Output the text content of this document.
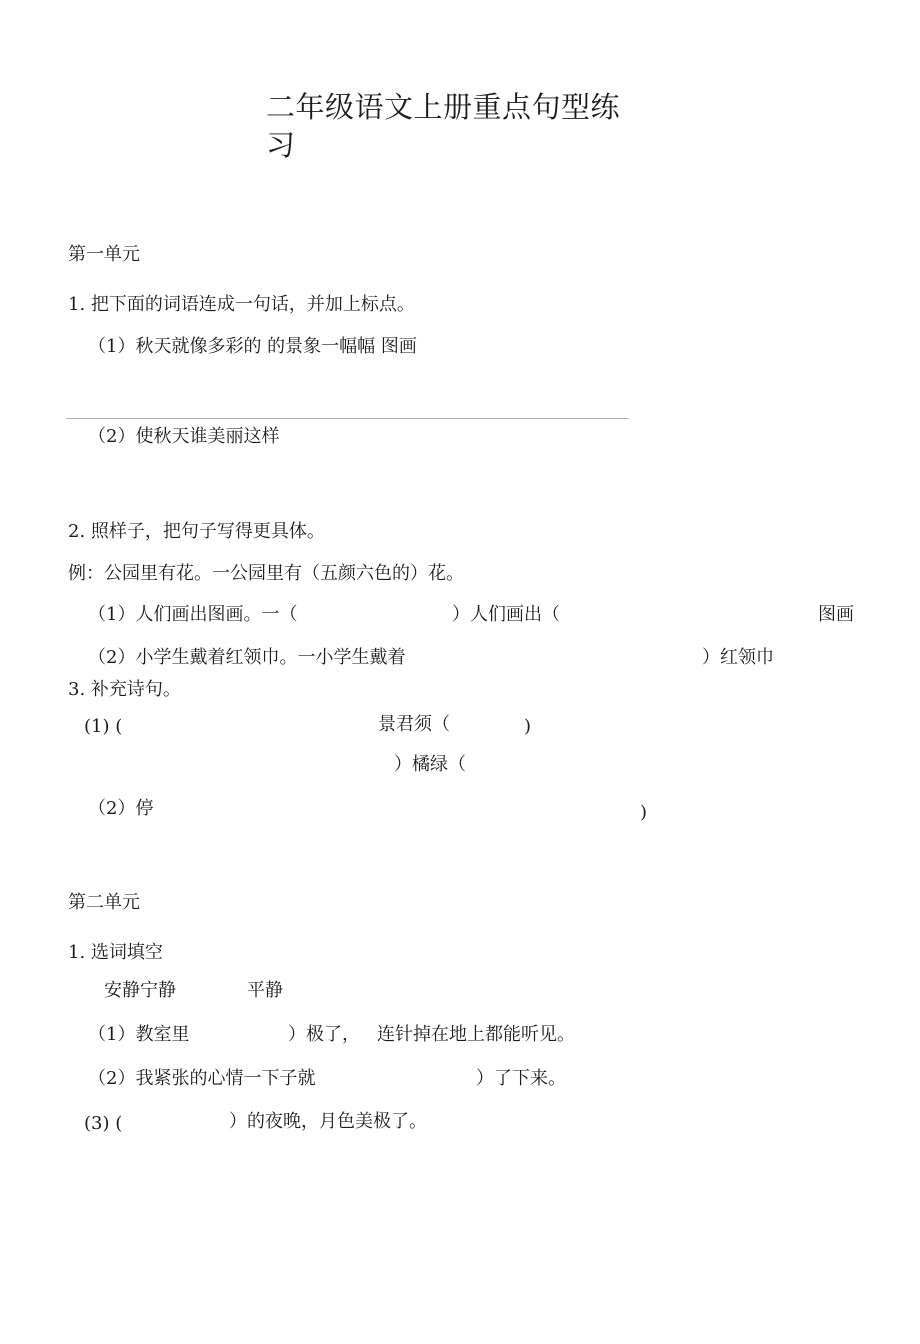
二年级语文上册重点句型练
习
第一单元
1. 把下面的词语连成一句话，并加上标点。
（1）秋天就像多彩的 的景象一幅幅 图画
（2）使秋天谁美丽这样
2. 照样子，把句子写得更具体。
例：公园里有花。一公园里有（五颜六色的）花。
（1）人们画出图画。一（	）人们画出（	图画
（2）小学生戴着红领巾。一小学生戴着	）红领巾
3. 补充诗句。
(1) (	景君须（	)
）橘绿（
（2）停	)
第二单元
1. 选词填空
安静宁静	平静
（1）教室里	）极了， 连针掉在地上都能听见。
（2）我紧张的心情一下子就	）了下来。
(3) (	）的夜晚，月色美极了。
